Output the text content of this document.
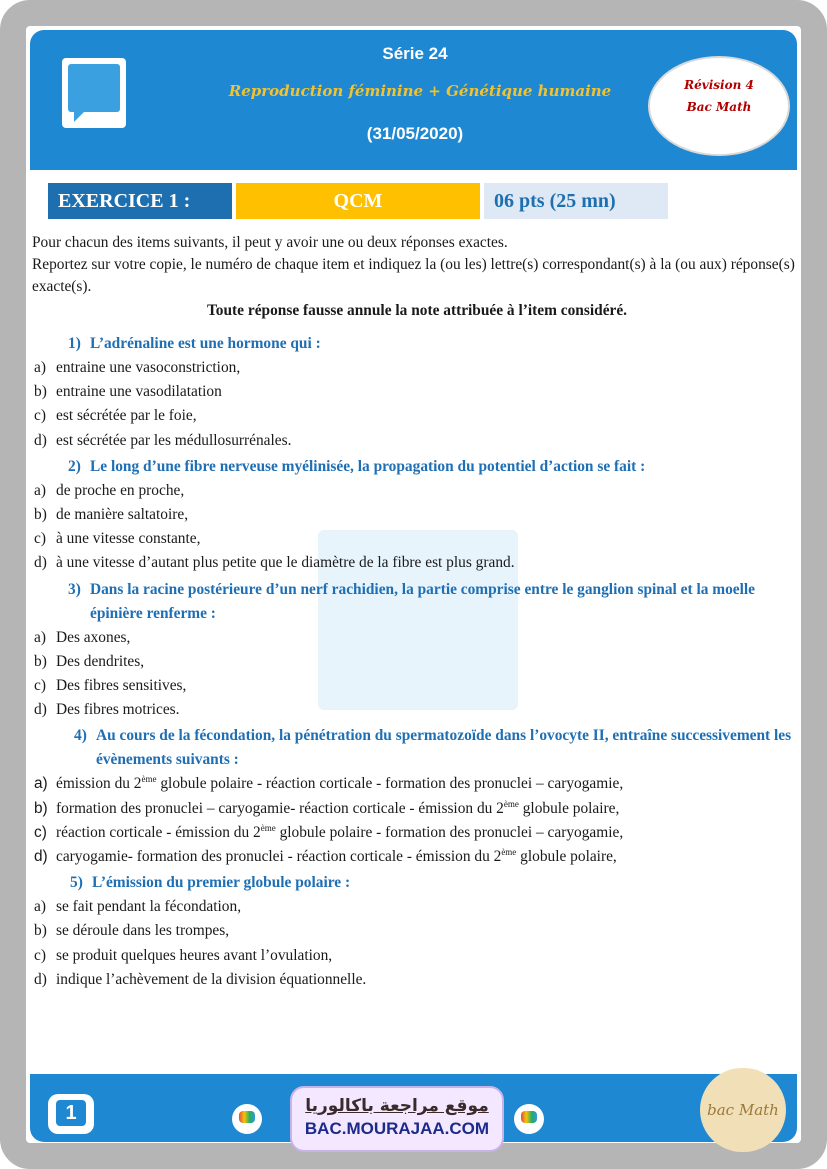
Série 24
Reproduction féminine + Génétique humaine
(31/05/2020)
Révision 4
Bac Math
EXERCICE 1 :	QCM	06 pts (25 mn)

Pour chacun des items suivants, il peut y avoir une ou deux réponses exactes.

Reportez sur votre copie, le numéro de chaque item et indiquez la (ou les) lettre(s) correspondant(s) à la (ou aux) réponse(s) exacte(s).

Toute réponse fausse annule la note attribuée à l’item considéré.
1) L’adrénaline est une hormone qui :
a) entraine une vasoconstriction,
b) entraine une vasodilatation
c) est sécrétée par le foie,
d) est sécrétée par les médullosurrénales.
2) Le long d’une fibre nerveuse myélinisée, la propagation du potentiel d’action se fait :
a) de proche en proche,
b) de manière saltatoire,
c) à une vitesse constante,
d) à une vitesse d’autant plus petite que le diamètre de la fibre est plus grand.
3) Dans la racine postérieure d’un nerf rachidien, la partie comprise entre le ganglion spinal et la moelle épinière renferme :
a) Des axones,
b) Des dendrites,
c) Des fibres sensitives,
d) Des fibres motrices.
4) Au cours de la fécondation, la pénétration du spermatozoïde dans l’ovocyte II, entraîne successivement les évènements suivants :
a) émission du 2ème globule polaire - réaction corticale - formation des pronuclei – caryogamie,
b) formation des pronuclei – caryogamie- réaction corticale - émission du 2ème globule polaire,
c) réaction corticale - émission du 2ème globule polaire - formation des pronuclei – caryogamie,
d) caryogamie- formation des pronuclei - réaction corticale - émission du 2ème globule polaire,
5) L’émission du premier globule polaire :
a) se fait pendant la fécondation,
b) se déroule dans les trompes,
c) se produit quelques heures avant l’ovulation,
d) indique l’achèvement de la division équationnelle.
1	موقع مراجعة باكالوريا
BAC.MOURAJAA.COM
bac Math
